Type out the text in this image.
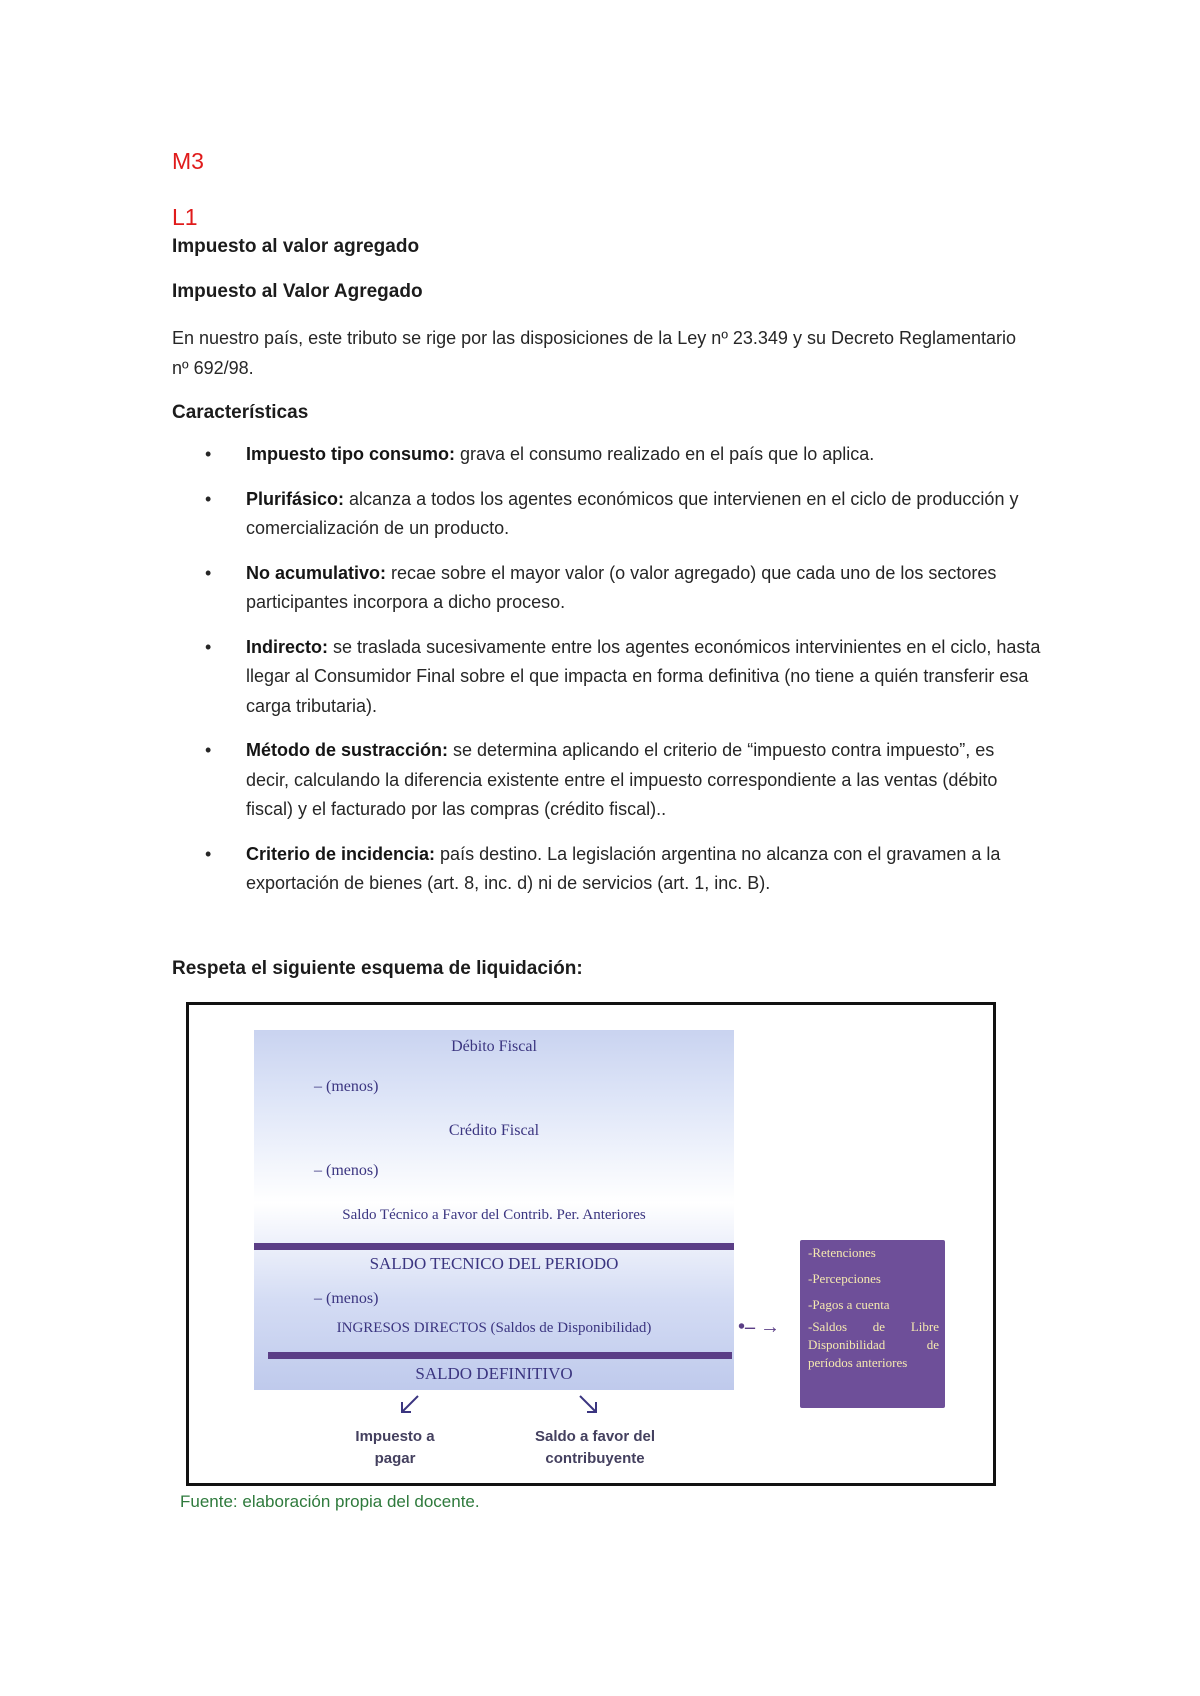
M3
L1
Impuesto al valor agregado
Impuesto al Valor Agregado
En nuestro país, este tributo se rige por las disposiciones de la Ley nº 23.349 y su Decreto Reglamentario nº 692/98.
Características
• Impuesto tipo consumo: grava el consumo realizado en el país que lo aplica.
• Plurifásico: alcanza a todos los agentes económicos que intervienen en el ciclo de producción y comercialización de un producto.
• No acumulativo: recae sobre el mayor valor (o valor agregado) que cada uno de los sectores participantes incorpora a dicho proceso.
• Indirecto: se traslada sucesivamente entre los agentes económicos intervinientes en el ciclo, hasta llegar al Consumidor Final sobre el que impacta en forma definitiva (no tiene a quién transferir esa carga tributaria).
• Método de sustracción: se determina aplicando el criterio de “impuesto contra impuesto”, es decir, calculando la diferencia existente entre el impuesto correspondiente a las ventas (débito fiscal) y el facturado por las compras (crédito fiscal)..
• Criterio de incidencia: país destino. La legislación argentina no alcanza con el gravamen a la exportación de bienes (art. 8, inc. d) ni de servicios (art. 1, inc. B).
Respeta el siguiente esquema de liquidación:
Débito Fiscal
– (menos)
Crédito Fiscal
– (menos)
Saldo Técnico a Favor del Contrib. Per. Anteriores
SALDO TECNICO DEL PERIODO
– (menos)
INGRESOS DIRECTOS (Saldos de Disponibilidad)
SALDO DEFINITIVO
Impuesto a
pagar
Saldo a favor del
contribuyente
•– →
-Retenciones
-Percepciones
-Pagos a cuenta
-Saldos de Libre Disponibilidad de períodos anteriores
Fuente: elaboración propia del docente.
